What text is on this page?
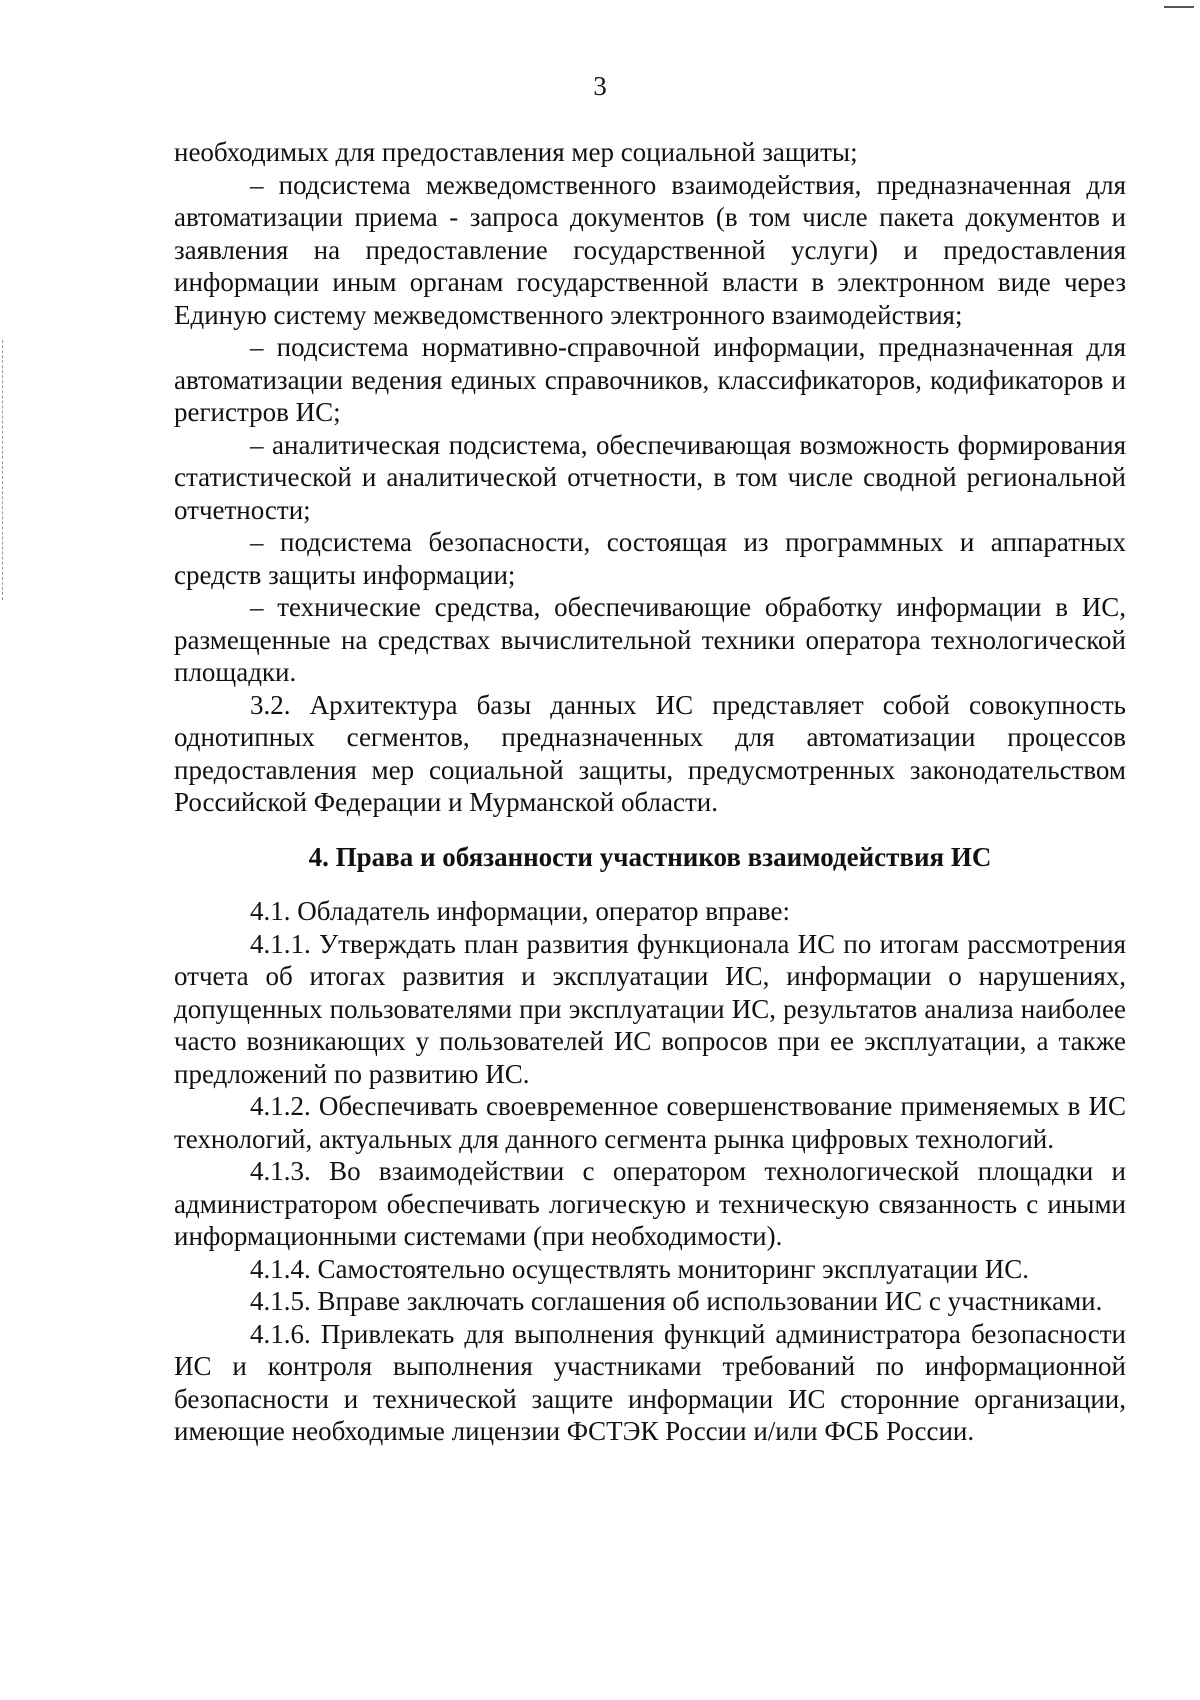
3

необходимых для предоставления мер социальной защиты;

– подсистема межведомственного взаимодействия, предназначенная для автоматизации приема - запроса документов (в том числе пакета документов и заявления на предоставление государственной услуги) и предоставления информации иным органам государственной власти в электронном виде через Единую систему межведомственного электронного взаимодействия;

– подсистема нормативно-справочной информации, предназначенная для автоматизации ведения единых справочников, классификаторов, кодификаторов и регистров ИС;

– аналитическая подсистема, обеспечивающая возможность формирования статистической и аналитической отчетности, в том числе сводной региональной отчетности;

– подсистема безопасности, состоящая из программных и аппаратных средств защиты информации;

– технические средства, обеспечивающие обработку информации в ИС, размещенные на средствах вычислительной техники оператора технологической площадки.

3.2. Архитектура базы данных ИС представляет собой совокупность однотипных сегментов, предназначенных для автоматизации процессов предоставления мер социальной защиты, предусмотренных законодательством Российской Федерации и Мурманской области.

4. Права и обязанности участников взаимодействия ИС

4.1. Обладатель информации, оператор вправе:

4.1.1. Утверждать план развития функционала ИС по итогам рассмотрения отчета об итогах развития и эксплуатации ИС, информации о нарушениях, допущенных пользователями при эксплуатации ИС, результатов анализа наиболее часто возникающих у пользователей ИС вопросов при ее эксплуатации, а также предложений по развитию ИС.

4.1.2. Обеспечивать своевременное совершенствование применяемых в ИС технологий, актуальных для данного сегмента рынка цифровых технологий.

4.1.3. Во взаимодействии с оператором технологической площадки и администратором обеспечивать логическую и техническую связанность с иными информационными системами (при необходимости).

4.1.4. Самостоятельно осуществлять мониторинг эксплуатации ИС.

4.1.5. Вправе заключать соглашения об использовании ИС с участниками.

4.1.6. Привлекать для выполнения функций администратора безопасности ИС и контроля выполнения участниками требований по информационной безопасности и технической защите информации ИС сторонние организации, имеющие необходимые лицензии ФСТЭК России и/или ФСБ России.
